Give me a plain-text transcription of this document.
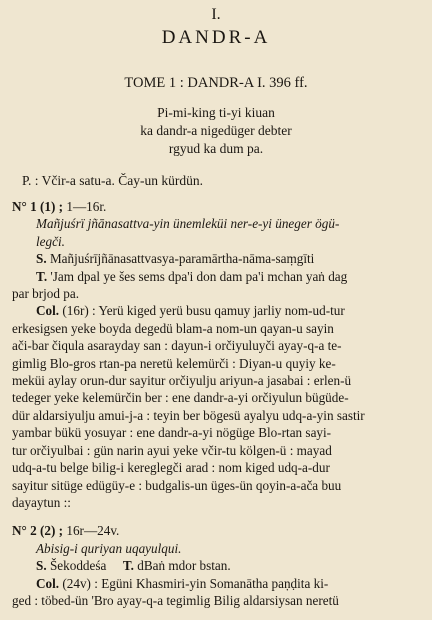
I.
DANDR-A
TOME 1 : DANDR-A I. 396 ff.
Pi-mi-king ti-yi kiuan
ka dandr-a nigedüger debter
rgyud ka dum pa.
P. : Včir-a satu-a. Čay-un kürdün.

N° 1 (1) ; 1—16r.

Mañjuśrï jñānasattva-yin ünemleküi ner-e-yi üneger ögü-

legči.

S. Mañjuśrījñānasattvasya-paramārtha-nāma-saṃgīti

T. 'Jam dpal ye šes sems dpa'i don dam pa'i mchan yaṅ dag

par brjod pa.

Col. (16r) : Yerü kiged yerü busu qamuy jarliy nom-ud-tur

erkesigsen yeke boyda degedü blam-a nom-un qayan-u sayin

ači-bar čiqula asarayday san : dayun-i orčiyuluyči ayay-q-a te-

gimlig Blo-gros rtan-pa neretü kelemürči : Diyan-u quyiy ke-

meküi aylay orun-dur sayitur orčiyulju ariyun-a jasabai : erlen-ü

tedeger yeke kelemürčin ber : ene dandr-a-yi orčiyulun bügüde-

dür aldarsiyulju amui-j-a : teyin ber bögesü ayalyu udq-a-yin sastir

yambar bükü yosuyar : ene dandr-a-yi nögüge Blo-rtan sayi-

tur orčiyulbai : gün narin ayui yeke včir-tu kölgen-ü : mayad

udq-a-tu belge bilig-i kereglegči arad : nom kiged udq-a-dur

sayitur sitüge edügüy-e : budgalis-un üges-ün qoyin-a-ača buu

dayaytun ::

N° 2 (2) ; 16r—24v.

Abisig-i quriyan uqayulqui.

S. Šekoddeśa T. dBaṅ mdor bstan.

Col. (24v) : Egüni Khasmiri-yin Somanātha paṇḍita ki-

ged : töbed-ün 'Bro ayay-q-a tegimlig Bilig aldarsiysan neretü
